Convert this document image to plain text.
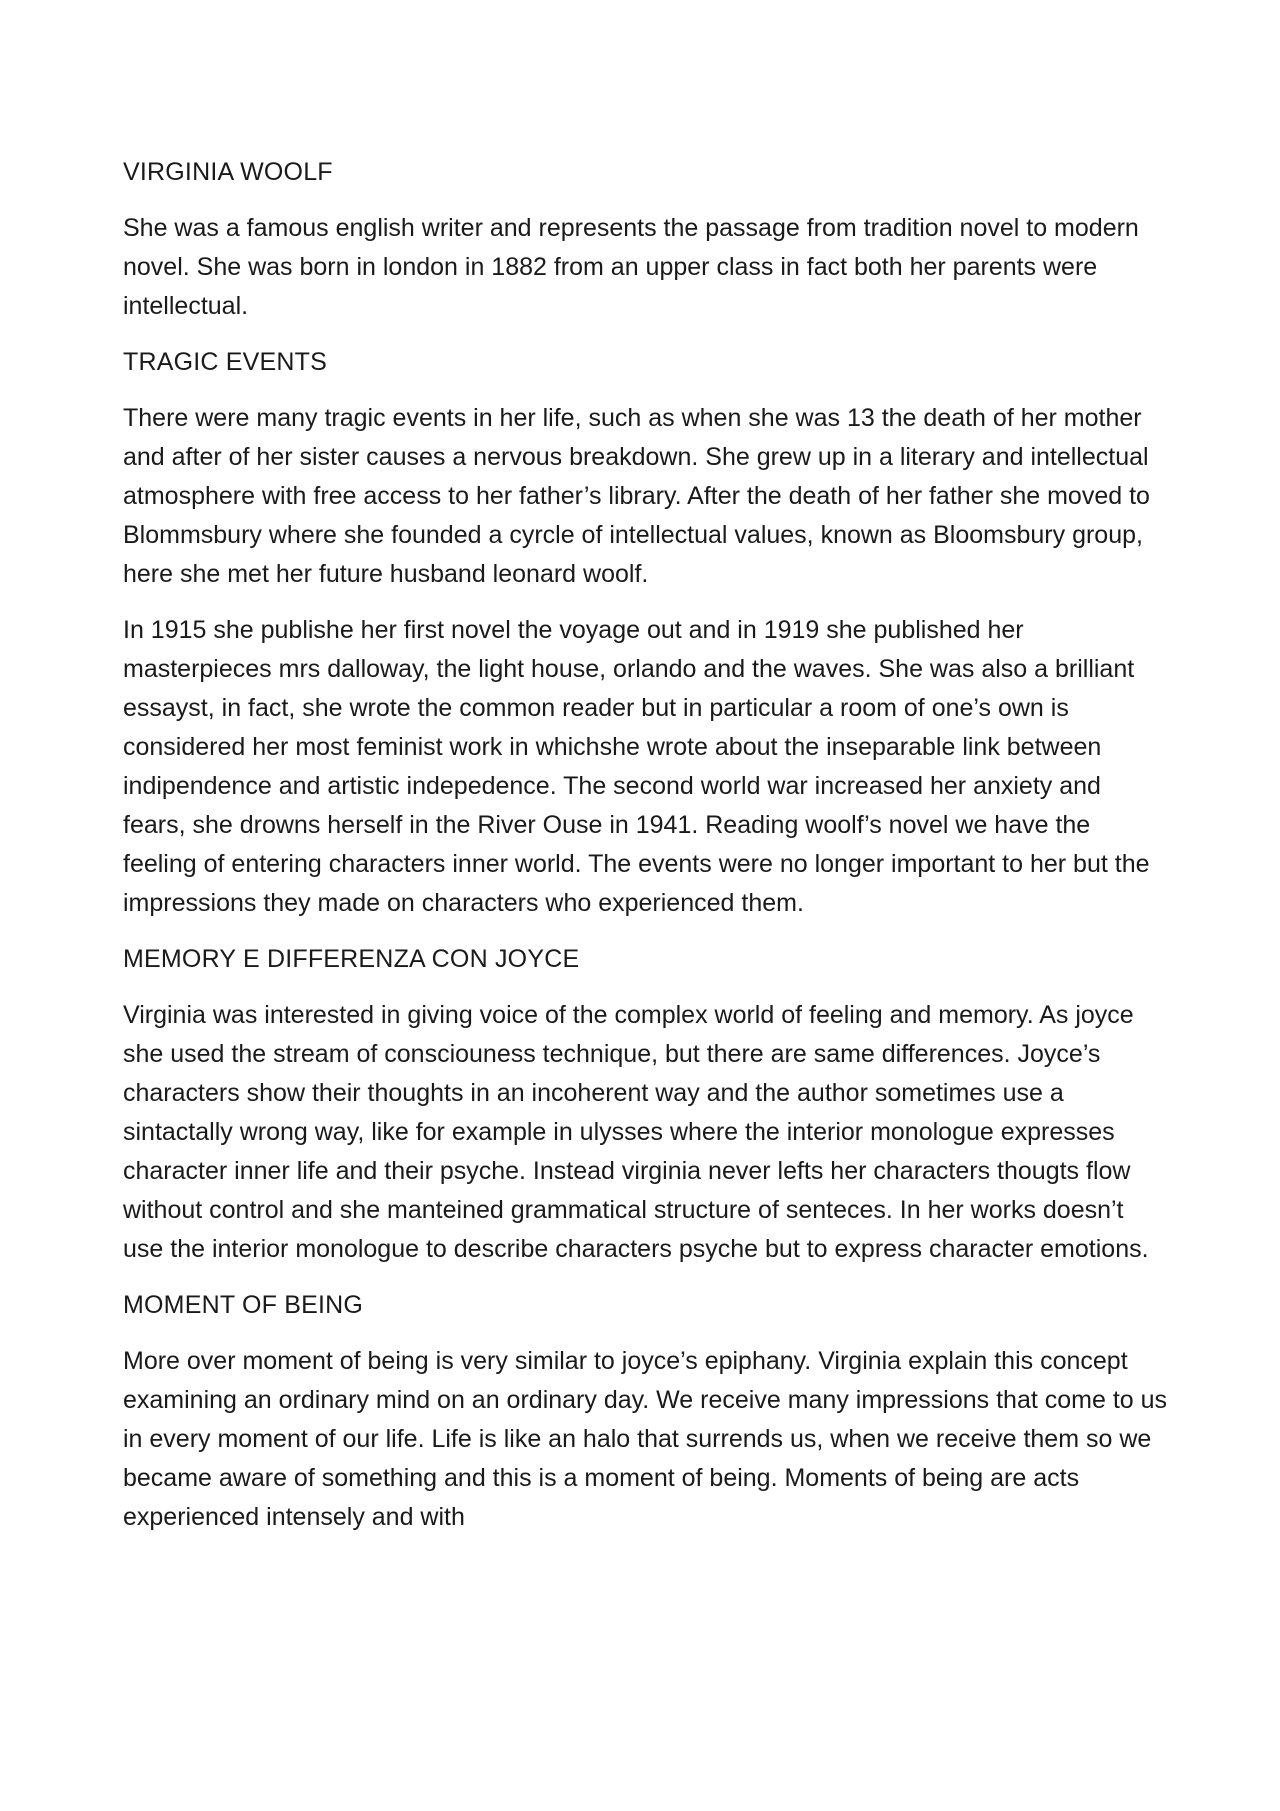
VIRGINIA WOOLF

She was a famous english writer and represents the passage from tradition novel to modern novel. She was born in london in 1882 from an upper class in fact both her parents were intellectual.

TRAGIC EVENTS

There were many tragic events in her life, such as when she was 13 the death of her mother and after of her sister causes a nervous breakdown. She grew up in a literary and intellectual atmosphere with free access to her father’s library. After the death of her father she moved to Blommsbury where she founded a cyrcle of intellectual values, known as Bloomsbury group, here she met her future husband leonard woolf.

In 1915 she publishe her first novel the voyage out and in 1919 she published her masterpieces mrs dalloway, the light house, orlando and the waves. She was also a brilliant essayst, in fact, she wrote the common reader but in particular a room of one’s own is considered her most feminist work in whichshe wrote about the inseparable link between indipendence and artistic indepedence. The second world war increased her anxiety and fears, she drowns herself in the River Ouse in 1941. Reading woolf’s novel we have the feeling of entering characters inner world. The events were no longer important to her but the impressions they made on characters who experienced them.

MEMORY E DIFFERENZA CON JOYCE

Virginia was interested in giving voice of the complex world of feeling and memory. As joyce she used the stream of consciouness technique, but there are same differences. Joyce’s characters show their thoughts in an incoherent way and the author sometimes use a sintactally wrong way, like for example in ulysses where the interior monologue expresses character inner life and their psyche. Instead virginia never lefts her characters thougts flow without control and she manteined grammatical structure of senteces. In her works doesn’t use the interior monologue to describe characters psyche but to express character emotions.

MOMENT OF BEING

More over moment of being is very similar to joyce’s epiphany. Virginia explain this concept examining an ordinary mind on an ordinary day. We receive many impressions that come to us in every moment of our life. Life is like an halo that surrends us, when we receive them so we became aware of something and this is a moment of being. Moments of being are acts experienced intensely and with
